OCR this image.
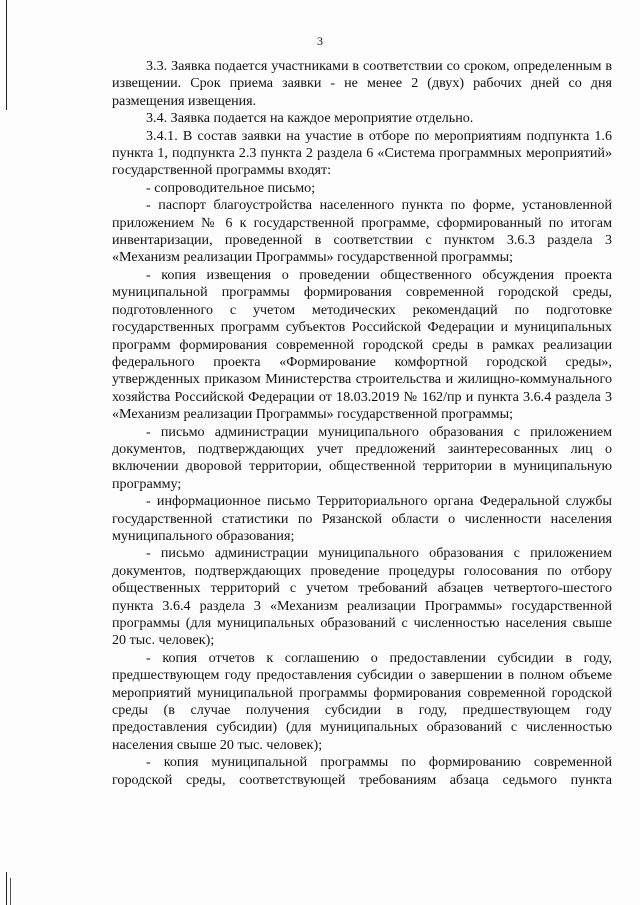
3

3.3. Заявка подается участниками в соответствии со сроком, определенным в извещении. Срок приема заявки - не менее 2 (двух) рабочих дней со дня размещения извещения.

3.4. Заявка подается на каждое мероприятие отдельно.

3.4.1. В состав заявки на участие в отборе по мероприятиям подпункта 1.6 пункта 1, подпункта 2.3 пункта 2 раздела 6 «Система программных мероприятий» государственной программы входят:

- сопроводительное письмо;

- паспорт благоустройства населенного пункта по форме, установленной приложением № 6 к государственной программе, сформированный по итогам инвентаризации, проведенной в соответствии с пунктом 3.6.3 раздела 3 «Механизм реализации Программы» государственной программы;

- копия извещения о проведении общественного обсуждения проекта муниципальной программы формирования современной городской среды, подготовленного с учетом методических рекомендаций по подготовке государственных программ субъектов Российской Федерации и муниципальных программ формирования современной городской среды в рамках реализации федерального проекта «Формирование комфортной городской среды», утвержденных приказом Министерства строительства и жилищно-коммунального хозяйства Российской Федерации от 18.03.2019 № 162/пр и пункта 3.6.4 раздела 3 «Механизм реализации Программы» государственной программы;

- письмо администрации муниципального образования с приложением документов, подтверждающих учет предложений заинтересованных лиц о включении дворовой территории, общественной территории в муниципальную программу;

- информационное письмо Территориального органа Федеральной службы государственной статистики по Рязанской области о численности населения муниципального образования;

- письмо администрации муниципального образования с приложением документов, подтверждающих проведение процедуры голосования по отбору общественных территорий с учетом требований абзацев четвертого-шестого пункта 3.6.4 раздела 3 «Механизм реализации Программы» государственной программы (для муниципальных образований с численностью населения свыше 20 тыс. человек);

- копия отчетов к соглашению о предоставлении субсидии в году, предшествующем году предоставления субсидии о завершении в полном объеме мероприятий муниципальной программы формирования современной городской среды (в случае получения субсидии в году, предшествующем году предоставления субсидии) (для муниципальных образований с численностью населения свыше 20 тыс. человек);

- копия муниципальной программы по формированию современной городской среды, соответствующей требованиям абзаца седьмого пункта
